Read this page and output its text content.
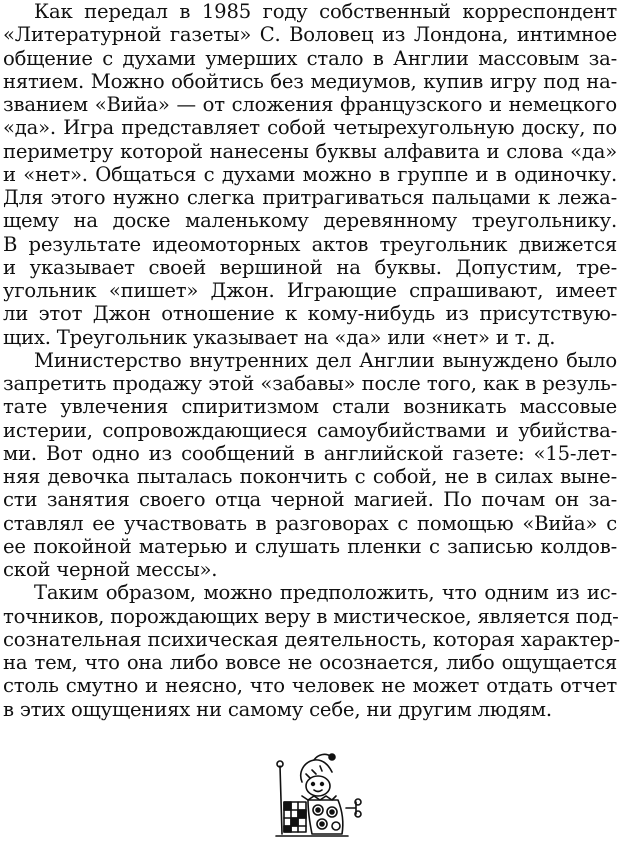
Как передал в 1985 году собственный корреспондент
«Литературной газеты» С. Воловец из Лондона, интимное
общение с духами умерших стало в Англии массовым за-
нятием. Можно обойтись без медиумов, купив игру под на-
званием «Вийа» — от сложения французского и немецкого
«да». Игра представляет собой четырехугольную доску, по
периметру которой нанесены буквы алфавита и слова «да»
и «нет». Общаться с духами можно в группе и в одиночку.
Для этого нужно слегка притрагиваться пальцами к лежа-
щему на доске маленькому деревянному треугольнику.
В результате идеомоторных актов треугольник движется
и указывает своей вершиной на буквы. Допустим, тре-
угольник «пишет» Джон. Играющие спрашивают, имеет
ли этот Джон отношение к кому-нибудь из присутствую-
щих. Треугольник указывает на «да» или «нет» и т. д.
Министерство внутренних дел Англии вынуждено было
запретить продажу этой «забавы» после того, как в резуль-
тате увлечения спиритизмом стали возникать массовые
истерии, сопровождающиеся самоубийствами и убийства-
ми. Вот одно из сообщений в английской газете: «15-лет-
няя девочка пыталась покончить с собой, не в силах выне-
сти занятия своего отца черной магией. По почам он за-
ставлял ее участвовать в разговорах с помощью «Вийа» с
ее покойной матерью и слушать пленки с записью колдов-
ской черной мессы».
Таким образом, можно предположить, что одним из ис-
точников, порождающих веру в мистическое, является под-
сознательная психическая деятельность, которая характер-
на тем, что она либо вовсе не осознается, либо ощущается
столь смутно и неясно, что человек не может отдать отчет
в этих ощущениях ни самому себе, ни другим людям.
